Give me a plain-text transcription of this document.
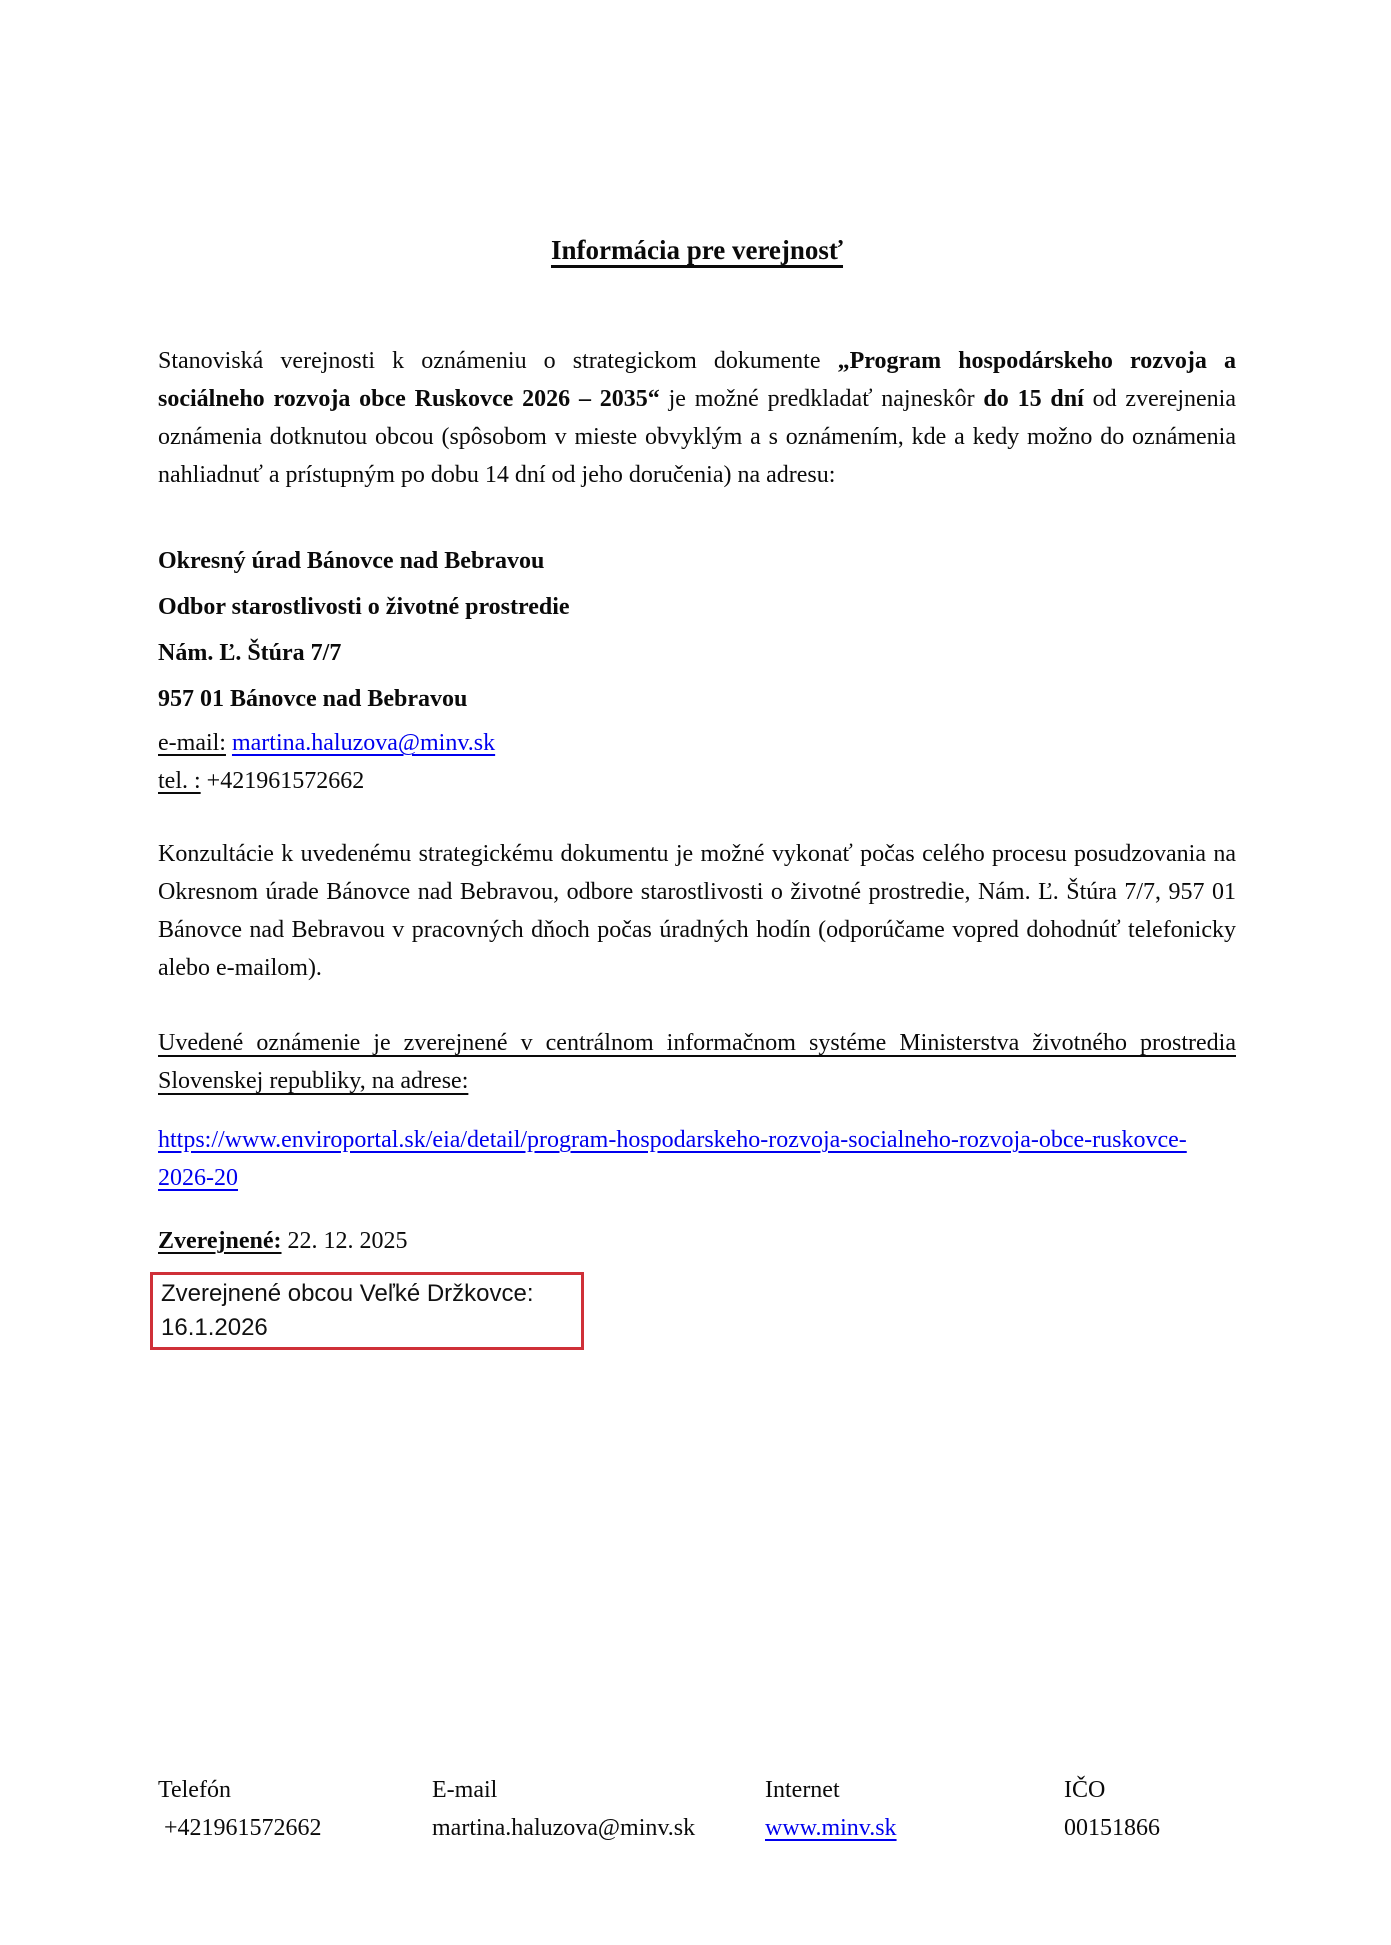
Informácia pre verejnosť

Stanoviská verejnosti k oznámeniu o strategickom dokumente „Program hospodárskeho rozvoja a sociálneho rozvoja obce Ruskovce 2026 – 2035“ je možné predkladať najneskôr do 15 dní od zverejnenia oznámenia dotknutou obcou (spôsobom v mieste obvyklým a s oznámením, kde a kedy možno do oznámenia nahliadnuť a prístupným po dobu 14 dní od jeho doručenia) na adresu:

Okresný úrad Bánovce nad Bebravou
Odbor starostlivosti o životné prostredie
Nám. Ľ. Štúra 7/7
957 01 Bánovce nad Bebravou
e-mail: martina.haluzova@minv.sk
tel. : +421961572662

Konzultácie k uvedenému strategickému dokumentu je možné vykonať počas celého procesu posudzovania na Okresnom úrade Bánovce nad Bebravou, odbore starostlivosti o životné prostredie, Nám. Ľ. Štúra 7/7, 957 01 Bánovce nad Bebravou v pracovných dňoch počas úradných hodín (odporúčame vopred dohodnúť telefonicky alebo e-mailom).

Uvedené oznámenie je zverejnené v centrálnom informačnom systéme Ministerstva životného prostredia Slovenskej republiky, na adrese:

https://www.enviroportal.sk/eia/detail/program-hospodarskeho-rozvoja-socialneho-rozvoja-obce-ruskovce-2026-20

Zverejnené: 22. 12. 2025

Zverejnené obcou Veľké Držkovce:
16.1.2026
Telefón
+421961572662
E-mail
martina.haluzova@minv.sk
Internet
www.minv.sk
IČO
00151866
